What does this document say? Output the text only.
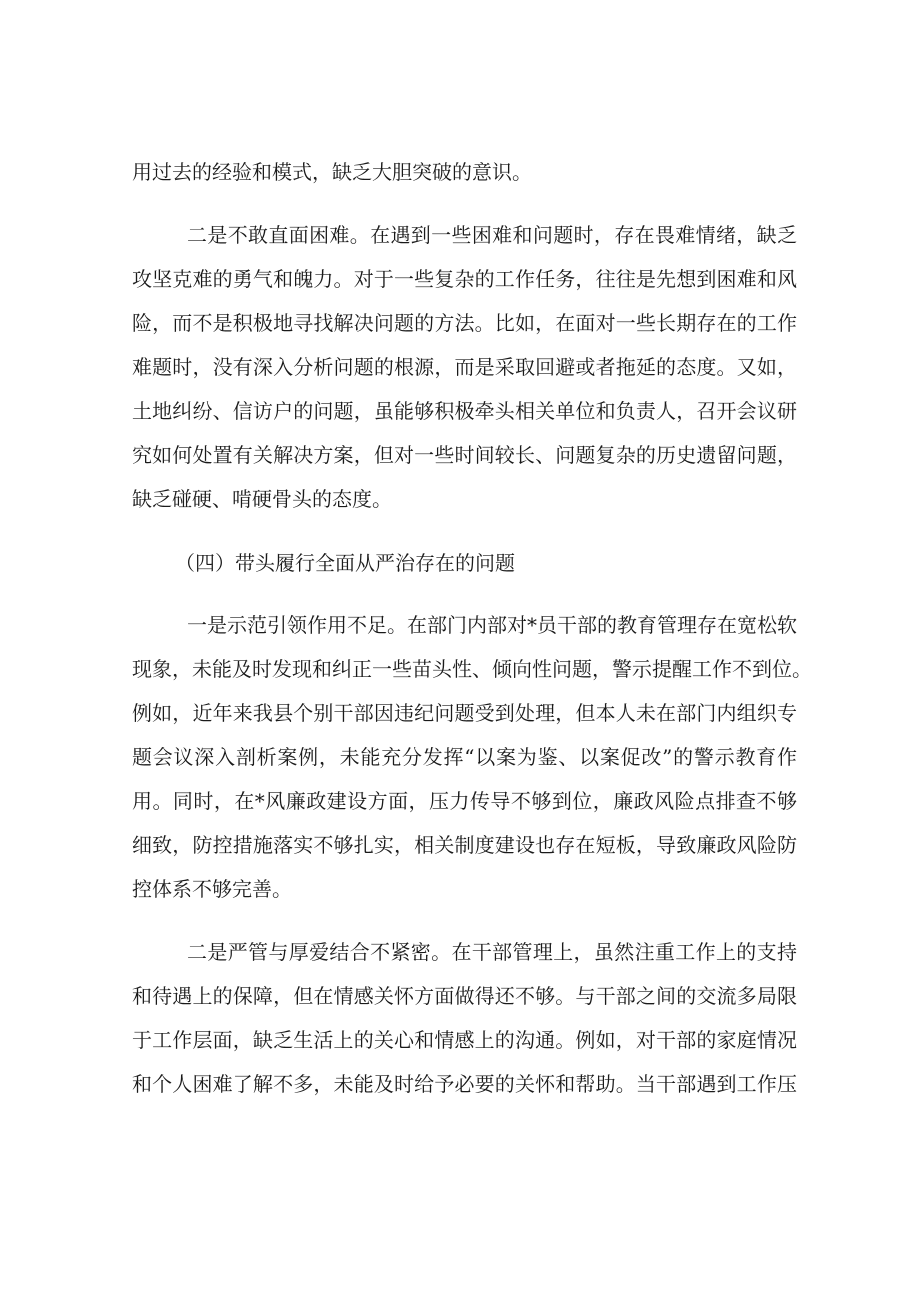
用过去的经验和模式，缺乏大胆突破的意识。
二是不敢直面困难。在遇到一些困难和问题时，存在畏难情绪，缺乏
攻坚克难的勇气和魄力。对于一些复杂的工作任务，往往是先想到困难和风
险，而不是积极地寻找解决问题的方法。比如，在面对一些长期存在的工作
难题时，没有深入分析问题的根源，而是采取回避或者拖延的态度。又如，
土地纠纷、信访户的问题，虽能够积极牵头相关单位和负责人，召开会议研
究如何处置有关解决方案，但对一些时间较长、问题复杂的历史遗留问题，
缺乏碰硬、啃硬骨头的态度。
（四）带头履行全面从严治存在的问题
一是示范引领作用不足。在部门内部对*员干部的教育管理存在宽松软
现象，未能及时发现和纠正一些苗头性、倾向性问题，警示提醒工作不到位。
例如，近年来我县个别干部因违纪问题受到处理，但本人未在部门内组织专
题会议深入剖析案例，未能充分发挥“以案为鉴、以案促改”的警示教育作
用。同时，在*风廉政建设方面，压力传导不够到位，廉政风险点排查不够
细致，防控措施落实不够扎实，相关制度建设也存在短板，导致廉政风险防
控体系不够完善。
二是严管与厚爱结合不紧密。在干部管理上，虽然注重工作上的支持
和待遇上的保障，但在情感关怀方面做得还不够。与干部之间的交流多局限
于工作层面，缺乏生活上的关心和情感上的沟通。例如，对干部的家庭情况
和个人困难了解不多，未能及时给予必要的关怀和帮助。当干部遇到工作压
